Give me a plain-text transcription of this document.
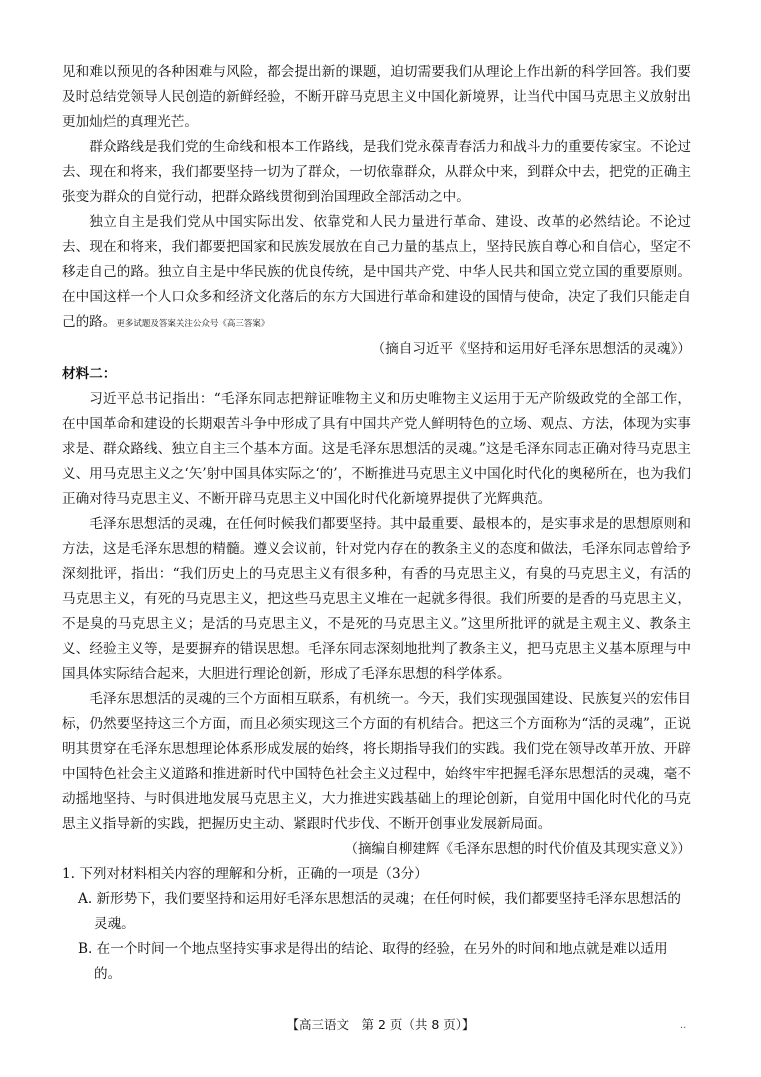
见和难以预见的各种困难与风险，都会提出新的课题，迫切需要我们从理论上作出新的科学回答。我们要及时总结党领导人民创造的新鲜经验，不断开辟马克思主义中国化新境界，让当代中国马克思主义放射出更加灿烂的真理光芒。

群众路线是我们党的生命线和根本工作路线，是我们党永葆青春活力和战斗力的重要传家宝。不论过去、现在和将来，我们都要坚持一切为了群众，一切依靠群众，从群众中来，到群众中去，把党的正确主张变为群众的自觉行动，把群众路线贯彻到治国理政全部活动之中。

独立自主是我们党从中国实际出发、依靠党和人民力量进行革命、建设、改革的必然结论。不论过去、现在和将来，我们都要把国家和民族发展放在自己力量的基点上，坚持民族自尊心和自信心，坚定不移走自己的路。独立自主是中华民族的优良传统，是中国共产党、中华人民共和国立党立国的重要原则。在中国这样一个人口众多和经济文化落后的东方大国进行革命和建设的国情与使命，决定了我们只能走自己的路。更多试题及答案关注公众号《高三答案》

（摘自习近平《坚持和运用好毛泽东思想活的灵魂》）

材料二：

习近平总书记指出：“毛泽东同志把辩证唯物主义和历史唯物主义运用于无产阶级政党的全部工作，在中国革命和建设的长期艰苦斗争中形成了具有中国共产党人鲜明特色的立场、观点、方法，体现为实事求是、群众路线、独立自主三个基本方面。这是毛泽东思想活的灵魂。”这是毛泽东同志正确对待马克思主义、用马克思主义之‘矢’射中国具体实际之‘的’，不断推进马克思主义中国化时代化的奥秘所在，也为我们正确对待马克思主义、不断开辟马克思主义中国化时代化新境界提供了光辉典范。

毛泽东思想活的灵魂，在任何时候我们都要坚持。其中最重要、最根本的，是实事求是的思想原则和方法，这是毛泽东思想的精髓。遵义会议前，针对党内存在的教条主义的态度和做法，毛泽东同志曾给予深刻批评，指出：“我们历史上的马克思主义有很多种，有香的马克思主义，有臭的马克思主义，有活的马克思主义，有死的马克思主义，把这些马克思主义堆在一起就多得很。我们所要的是香的马克思主义，不是臭的马克思主义；是活的马克思主义，不是死的马克思主义。”这里所批评的就是主观主义、教条主义、经验主义等，是要摒弃的错误思想。毛泽东同志深刻地批判了教条主义，把马克思主义基本原理与中国具体实际结合起来，大胆进行理论创新，形成了毛泽东思想的科学体系。

毛泽东思想活的灵魂的三个方面相互联系，有机统一。今天，我们实现强国建设、民族复兴的宏伟目标，仍然要坚持这三个方面，而且必须实现这三个方面的有机结合。把这三个方面称为“活的灵魂”，正说明其贯穿在毛泽东思想理论体系形成发展的始终，将长期指导我们的实践。我们党在领导改革开放、开辟中国特色社会主义道路和推进新时代中国特色社会主义过程中，始终牢牢把握毛泽东思想活的灵魂，毫不动摇地坚持、与时俱进地发展马克思主义，大力推进实践基础上的理论创新，自觉用中国化时代化的马克思主义指导新的实践，把握历史主动、紧跟时代步伐、不断开创事业发展新局面。

（摘编自柳建辉《毛泽东思想的时代价值及其现实意义》）

1. 下列对材料相关内容的理解和分析，正确的一项是（3分）

A. 新形势下，我们要坚持和运用好毛泽东思想活的灵魂；在任何时候，我们都要坚持毛泽东思想活的灵魂。

B. 在一个时间一个地点坚持实事求是得出的结论、取得的经验，在另外的时间和地点就是难以适用的。

【高三语文　第 2 页（共 8 页）】	··
